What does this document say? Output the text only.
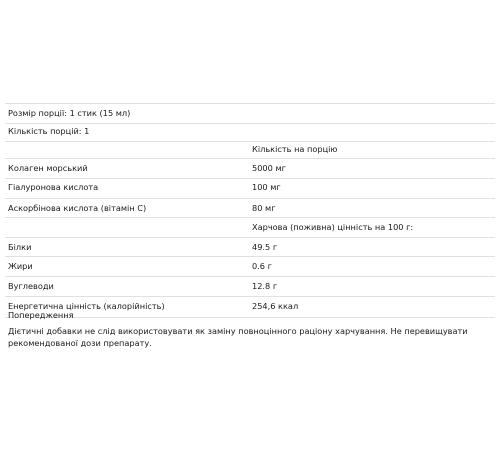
Розмір порції: 1 стик (15 мл)
Кількість порцій: 1
Кількість на порцію
Колаген морський	5000 мг
Гіалуронова кислота	100 мг
Аскорбінова кислота (вітамін C)	80 мг
Харчова (поживна) цінність на 100 г:
Білки	49.5 г
Жири	0.6 г
Вуглеводи	12.8 г
Енергетична цінність (калорійність)	254,6 ккал
Попередження
Дієтичні добавки не слід використовувати як заміну повноцінного раціону харчування. Не перевищувати рекомендованої дози препарату.
